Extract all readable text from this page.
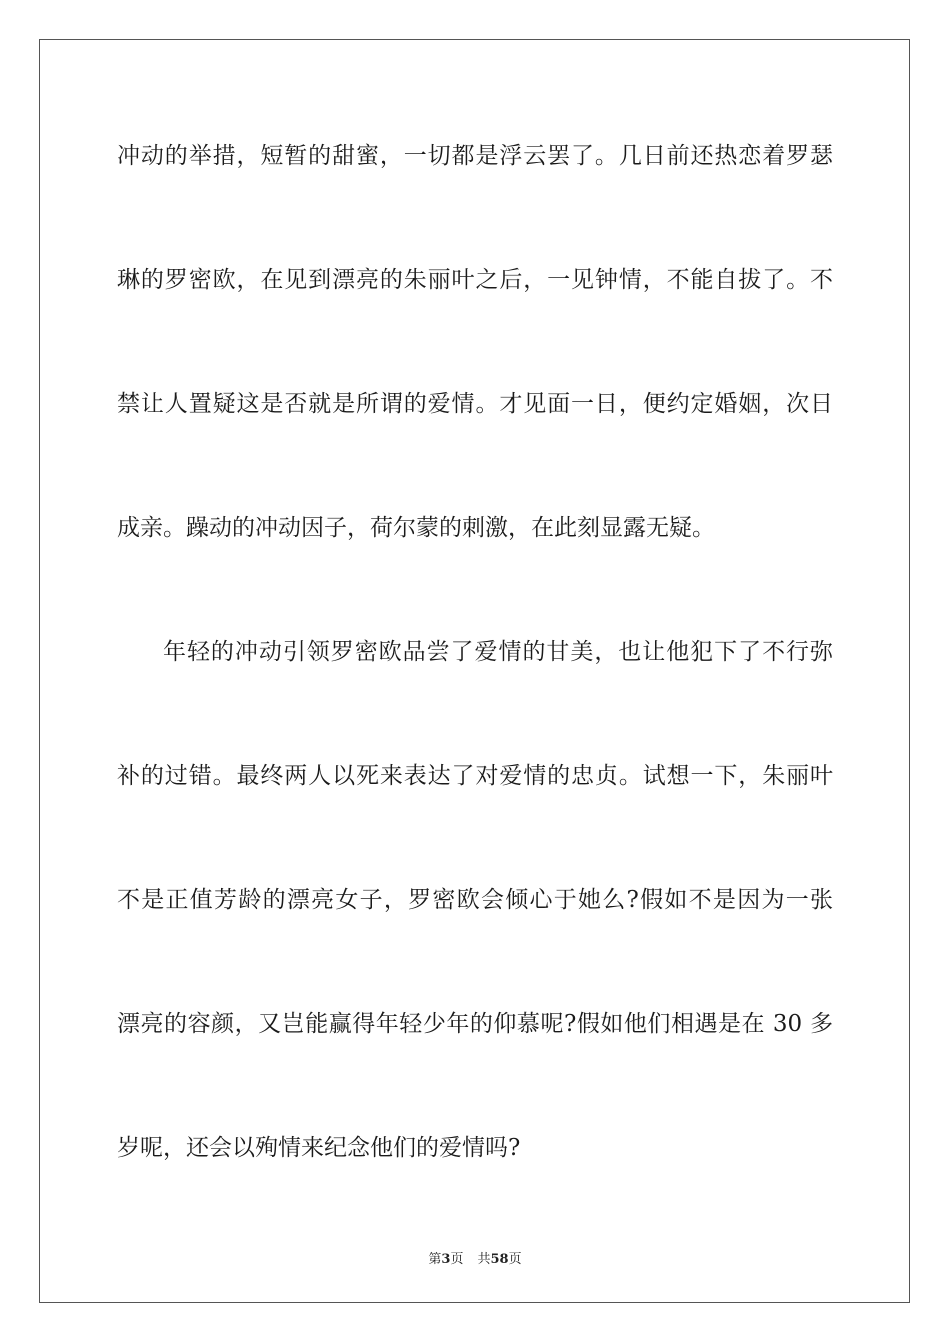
冲动的举措，短暂的甜蜜，一切都是浮云罢了。几日前还热恋着罗瑟
琳的罗密欧，在见到漂亮的朱丽叶之后，一见钟情，不能自拔了。不
禁让人置疑这是否就是所谓的爱情。才见面一日，便约定婚姻，次日
成亲。躁动的冲动因子，荷尔蒙的刺激，在此刻显露无疑。
年轻的冲动引领罗密欧品尝了爱情的甘美，也让他犯下了不行弥
补的过错。最终两人以死来表达了对爱情的忠贞。试想一下，朱丽叶
不是正值芳龄的漂亮女子，罗密欧会倾心于她么?假如不是因为一张
漂亮的容颜，又岂能赢得年轻少年的仰慕呢?假如他们相遇是在 30 多
岁呢，还会以殉情来纪念他们的爱情吗?
第3页 共58页
